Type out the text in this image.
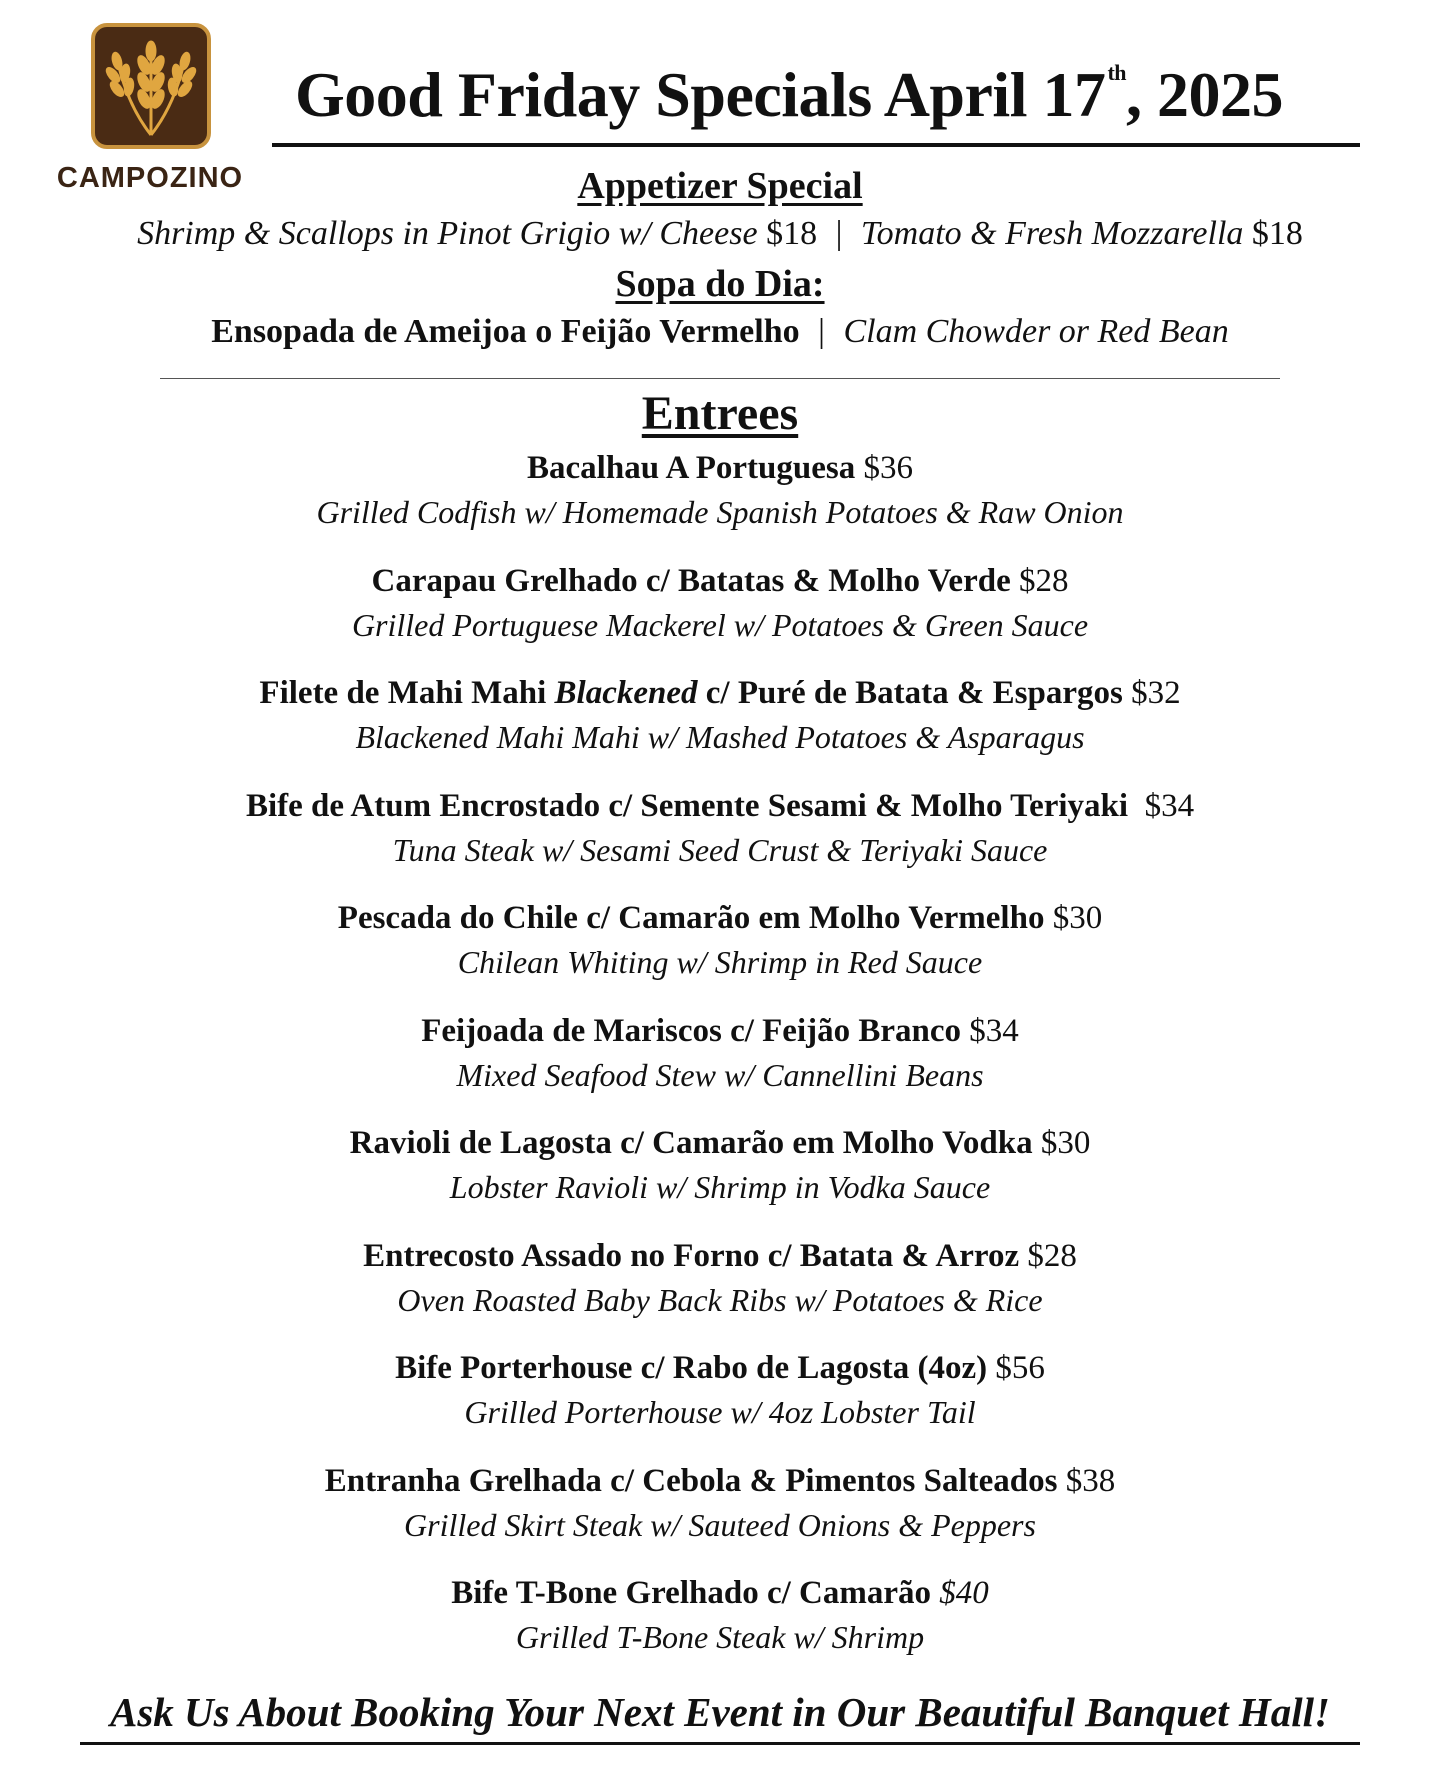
CAMPOZINO
Good Friday Specials April 17th, 2025
Appetizer Special
Shrimp & Scallops in Pinot Grigio w/ Cheese $18 | Tomato & Fresh Mozzarella $18
Sopa do Dia:
Ensopada de Ameijoa o Feijão Vermelho | Clam Chowder or Red Bean
Entrees
Bacalhau A Portuguesa $36
Grilled Codfish w/ Homemade Spanish Potatoes & Raw Onion
Carapau Grelhado c/ Batatas & Molho Verde $28
Grilled Portuguese Mackerel w/ Potatoes & Green Sauce
Filete de Mahi Mahi Blackened c/ Puré de Batata & Espargos $32
Blackened Mahi Mahi w/ Mashed Potatoes & Asparagus
Bife de Atum Encrostado c/ Semente Sesami & Molho Teriyaki $34
Tuna Steak w/ Sesami Seed Crust & Teriyaki Sauce
Pescada do Chile c/ Camarão em Molho Vermelho $30
Chilean Whiting w/ Shrimp in Red Sauce
Feijoada de Mariscos c/ Feijão Branco $34
Mixed Seafood Stew w/ Cannellini Beans
Ravioli de Lagosta c/ Camarão em Molho Vodka $30
Lobster Ravioli w/ Shrimp in Vodka Sauce
Entrecosto Assado no Forno c/ Batata & Arroz $28
Oven Roasted Baby Back Ribs w/ Potatoes & Rice
Bife Porterhouse c/ Rabo de Lagosta (4oz) $56
Grilled Porterhouse w/ 4oz Lobster Tail
Entranha Grelhada c/ Cebola & Pimentos Salteados $38
Grilled Skirt Steak w/ Sauteed Onions & Peppers
Bife T-Bone Grelhado c/ Camarão $40
Grilled T-Bone Steak w/ Shrimp
Ask Us About Booking Your Next Event in Our Beautiful Banquet Hall!
